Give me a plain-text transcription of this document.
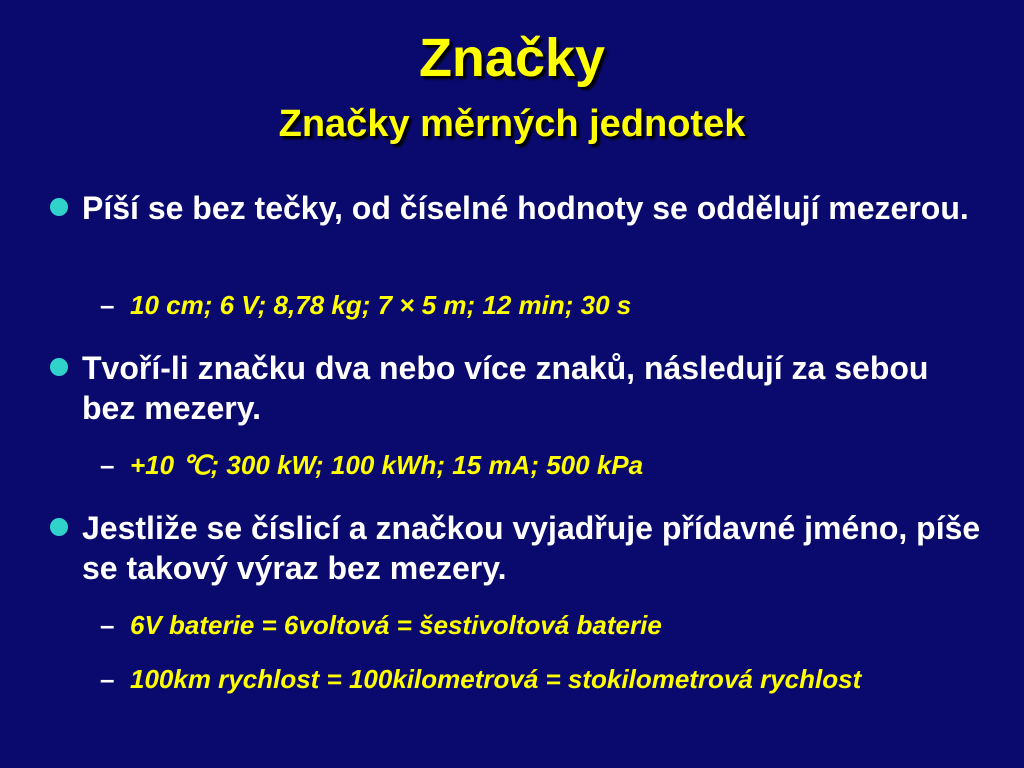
Značky
Značky měrných jednotek
Píší se bez tečky, od číselné hodnoty se oddělují mezerou.
– 10 cm; 6 V; 8,78 kg; 7 × 5 m; 12 min; 30 s
Tvoří-li značku dva nebo více znaků, následují za sebou bez mezery.
– +10 ℃; 300 kW; 100 kWh; 15 mA; 500 kPa
Jestliže se číslicí a značkou vyjadřuje přídavné jméno, píše se takový výraz bez mezery.
– 6V baterie = 6voltová = šestivoltová baterie
– 100km rychlost = 100kilometrová = stokilometrová rychlost
